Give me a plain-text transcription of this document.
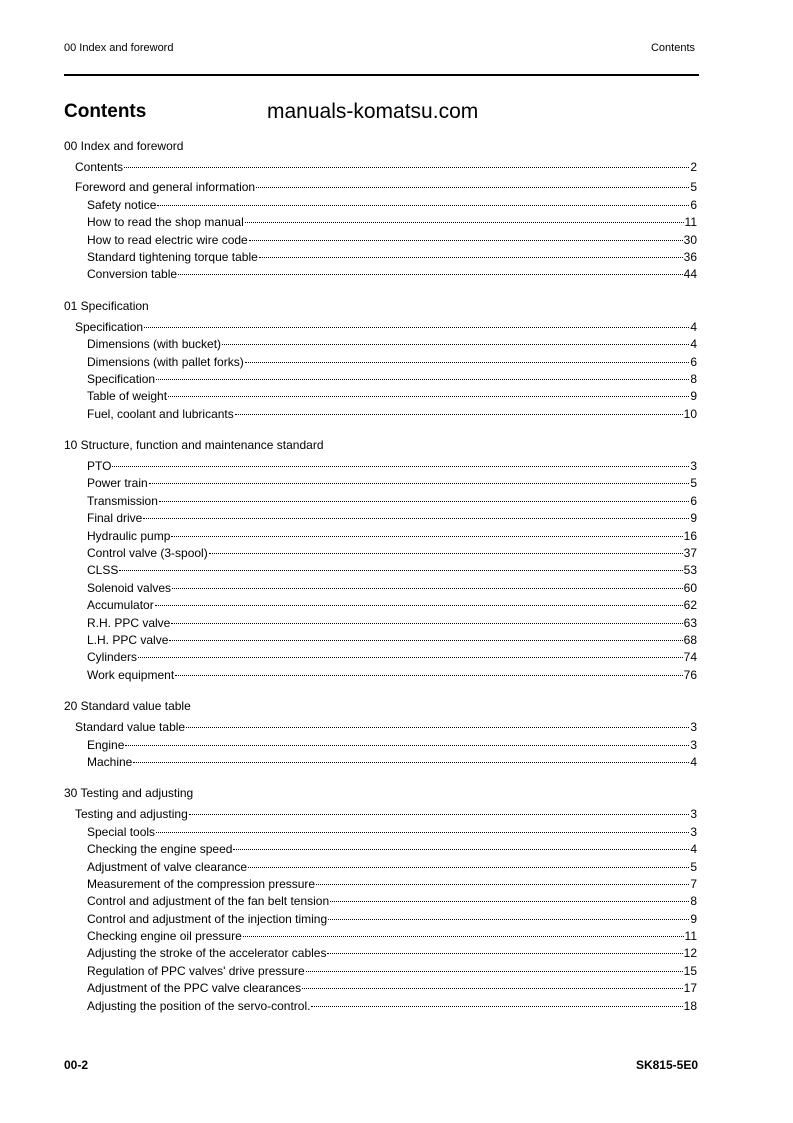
00 Index and foreword	Contents
Contents	manuals-komatsu.com
00 Index and foreword
Contents	2
Foreword and general information	5
Safety notice	6
How to read the shop manual	11
How to read electric wire code	30
Standard tightening torque table	36
Conversion table	44
01 Specification
Specification	4
Dimensions (with bucket)	4
Dimensions (with pallet forks)	6
Specification	8
Table of weight	9
Fuel, coolant and lubricants	10
10 Structure, function and maintenance standard
PTO	3
Power train	5
Transmission	6
Final drive	9
Hydraulic pump	16
Control valve (3-spool)	37
CLSS	53
Solenoid valves	60
Accumulator	62
R.H. PPC valve	63
L.H. PPC valve	68
Cylinders	74
Work equipment	76
20 Standard value table
Standard value table	3
Engine	3
Machine	4
30 Testing and adjusting
Testing and adjusting	3
Special tools	3
Checking the engine speed	4
Adjustment of valve clearance	5
Measurement of the compression pressure	7
Control and adjustment of the fan belt tension	8
Control and adjustment of the injection timing	9
Checking engine oil pressure	11
Adjusting the stroke of the accelerator cables	12
Regulation of PPC valves' drive pressure	15
Adjustment of the PPC valve clearances	17
Adjusting the position of the servo-control.	18
00-2	SK815-5E0
